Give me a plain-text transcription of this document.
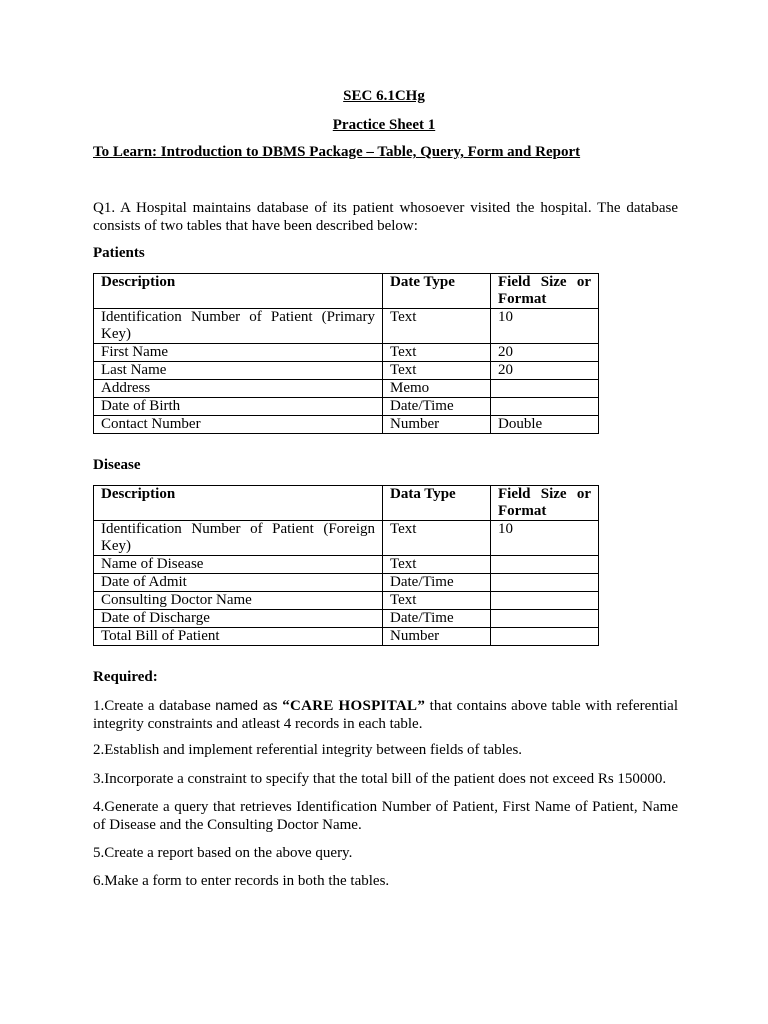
SEC 6.1CHg
Practice Sheet 1
To Learn: Introduction to DBMS Package – Table, Query, Form and Report
Q1. A Hospital maintains database of its patient whosoever visited the hospital. The database consists of two tables that have been described below:
Patients
Description	Date Type	Field Size or Format
Identification Number of Patient (Primary Key)	Text	10
First Name	Text	20
Last Name	Text	20
Address	Memo	
Date of Birth	Date/Time	
Contact Number	Number	Double
Disease
Description	Data Type	Field Size or Format
Identification Number of Patient (Foreign Key)	Text	10
Name of Disease	Text	
Date of Admit	Date/Time	
Consulting Doctor Name	Text	
Date of Discharge	Date/Time	
Total Bill of Patient	Number	
Required:
1.Create a database named as “CARE HOSPITAL” that contains above table with referential integrity constraints and atleast 4 records in each table.
2.Establish and implement referential integrity between fields of tables.
3.Incorporate a constraint to specify that the total bill of the patient does not exceed Rs 150000.
4.Generate a query that retrieves Identification Number of Patient, First Name of Patient, Name of Disease and the Consulting Doctor Name.
5.Create a report based on the above query.
6.Make a form to enter records in both the tables.
